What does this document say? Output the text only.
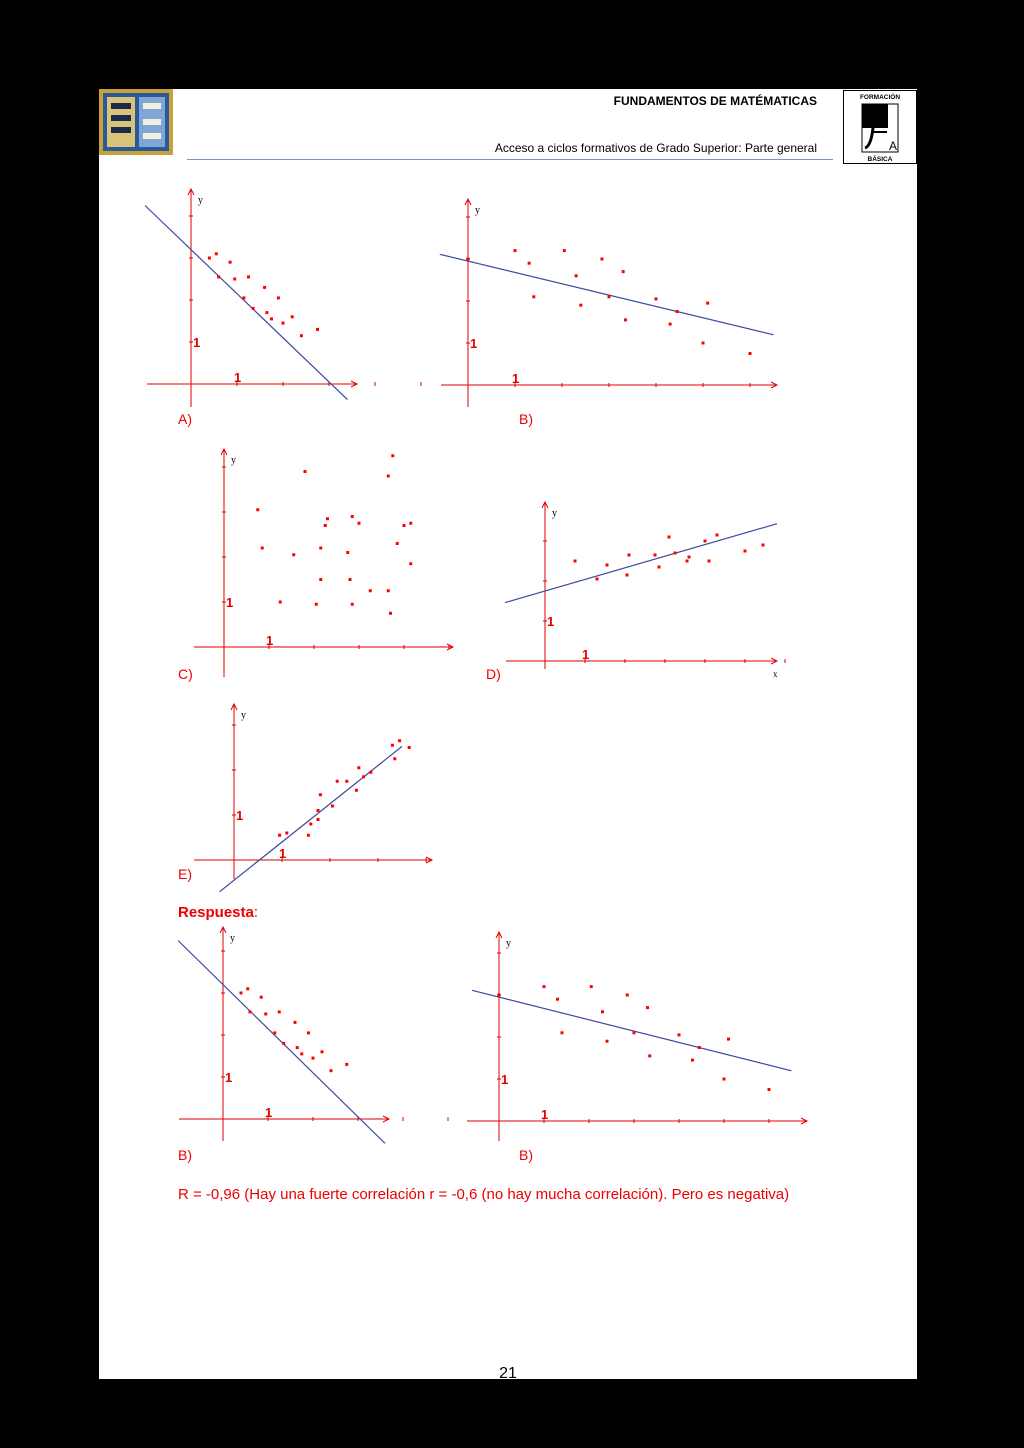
FUNDAMENTOS DE MATÉMATICAS
Acceso a ciclos formativos de Grado Superior: Parte general
FORMACIÓN
A
BÁSICA
1
1
y
1
1
y
1
1
y
1
1
y
x
1
1
y
1
1
y
1
1
y
A)	B)
C)	D)
E)
B)	B)
Respuesta:
R = -0,96 (Hay una fuerte correlación r = -0,6 (no hay mucha correlación). Pero es negativa)
21
